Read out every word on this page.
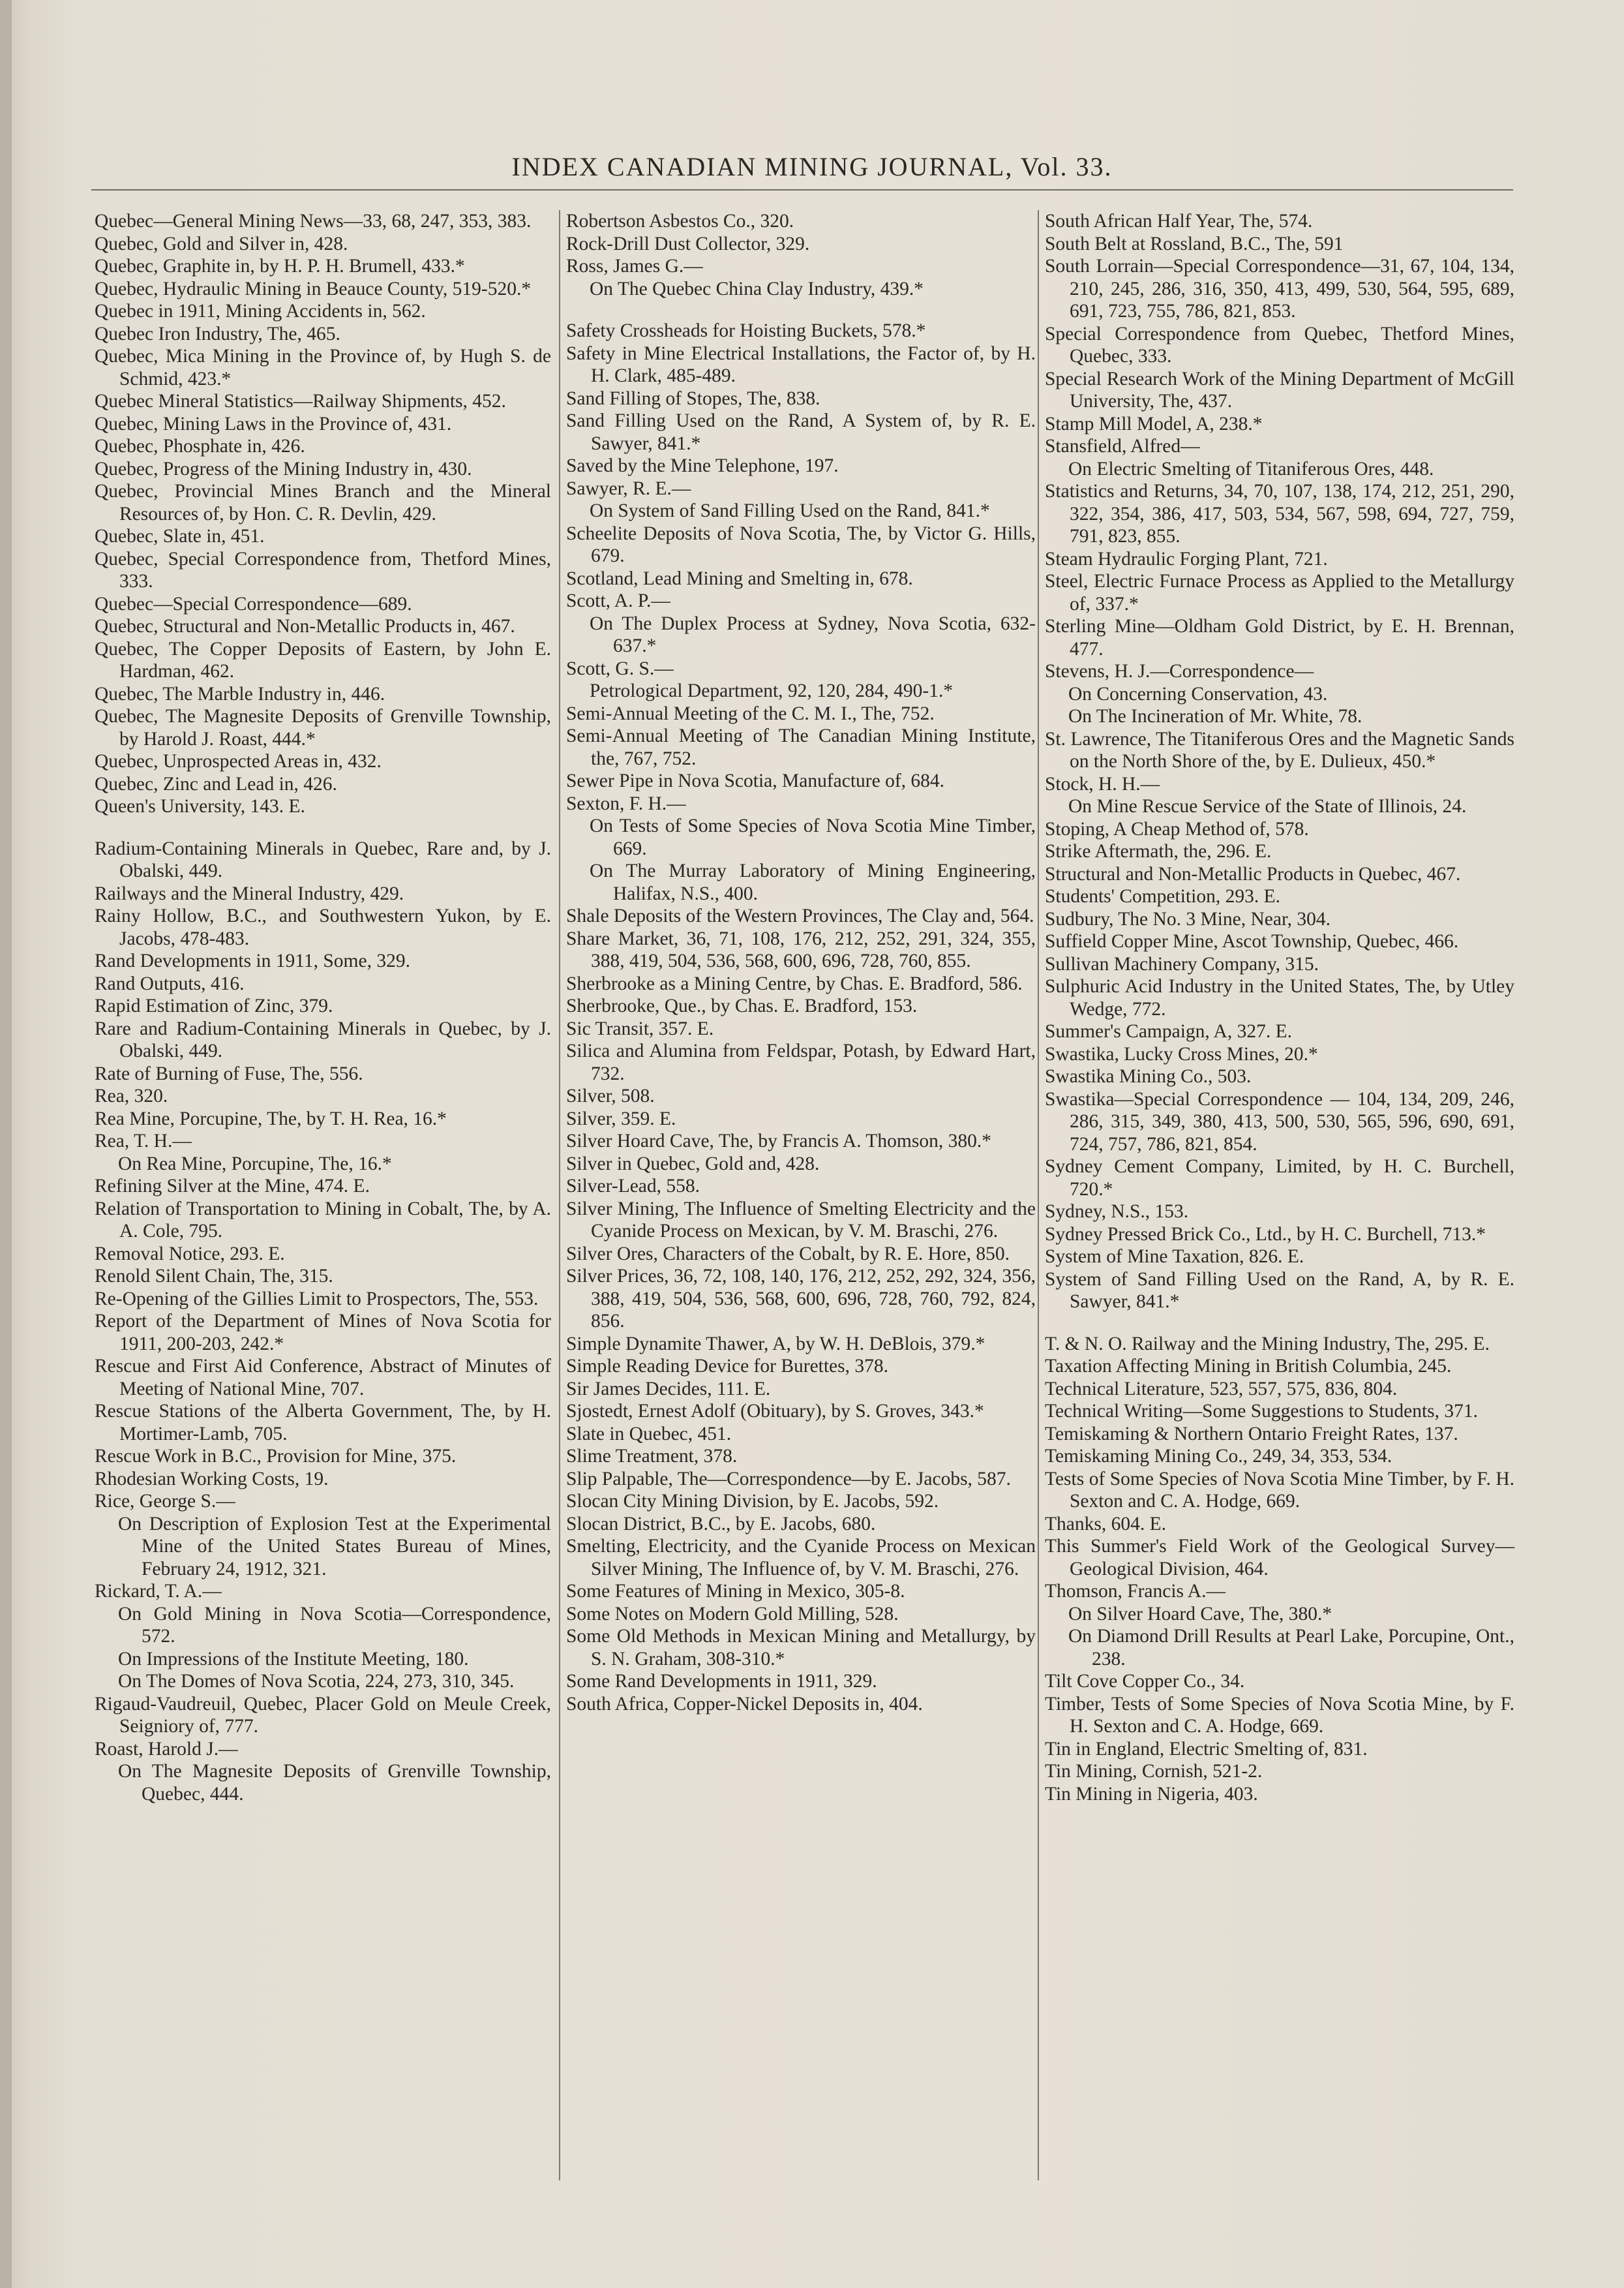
INDEX CANADIAN MINING JOURNAL, Vol. 33.

Quebec—General Mining News—33, 68, 247, 353, 383.

Quebec, Gold and Silver in, 428.

Quebec, Graphite in, by H. P. H. Brumell, 433.*

Quebec, Hydraulic Mining in Beauce County, 519-520.*

Quebec in 1911, Mining Accidents in, 562.

Quebec Iron Industry, The, 465.

Quebec, Mica Mining in the Province of, by Hugh S. de Schmid, 423.*

Quebec Mineral Statistics—Railway Shipments, 452.

Quebec, Mining Laws in the Province of, 431.

Quebec, Phosphate in, 426.

Quebec, Progress of the Mining Industry in, 430.

Quebec, Provincial Mines Branch and the Mineral Resources of, by Hon. C. R. Devlin, 429.

Quebec, Slate in, 451.

Quebec, Special Correspondence from, Thetford Mines, 333.

Quebec—Special Correspondence—689.

Quebec, Structural and Non-Metallic Products in, 467.

Quebec, The Copper Deposits of Eastern, by John E. Hardman, 462.

Quebec, The Marble Industry in, 446.

Quebec, The Magnesite Deposits of Grenville Township, by Harold J. Roast, 444.*

Quebec, Unprospected Areas in, 432.

Quebec, Zinc and Lead in, 426.

Queen's University, 143. E.

Radium-Containing Minerals in Quebec, Rare and, by J. Obalski, 449.

Railways and the Mineral Industry, 429.

Rainy Hollow, B.C., and Southwestern Yukon, by E. Jacobs, 478-483.

Rand Developments in 1911, Some, 329.

Rand Outputs, 416.

Rapid Estimation of Zinc, 379.

Rare and Radium-Containing Minerals in Quebec, by J. Obalski, 449.

Rate of Burning of Fuse, The, 556.

Rea, 320.

Rea Mine, Porcupine, The, by T. H. Rea, 16.*

Rea, T. H.—

On Rea Mine, Porcupine, The, 16.*

Refining Silver at the Mine, 474. E.

Relation of Transportation to Mining in Cobalt, The, by A. A. Cole, 795.

Removal Notice, 293. E.

Renold Silent Chain, The, 315.

Re-Opening of the Gillies Limit to Prospectors, The, 553.

Report of the Department of Mines of Nova Scotia for 1911, 200-203, 242.*

Rescue and First Aid Conference, Abstract of Minutes of Meeting of National Mine, 707.

Rescue Stations of the Alberta Government, The, by H. Mortimer-Lamb, 705.

Rescue Work in B.C., Provision for Mine, 375.

Rhodesian Working Costs, 19.

Rice, George S.—

On Description of Explosion Test at the Experimental Mine of the United States Bureau of Mines, February 24, 1912, 321.

Rickard, T. A.—

On Gold Mining in Nova Scotia—Correspondence, 572.

On Impressions of the Institute Meeting, 180.

On The Domes of Nova Scotia, 224, 273, 310, 345.

Rigaud-Vaudreuil, Quebec, Placer Gold on Meule Creek, Seigniory of, 777.

Roast, Harold J.—

On The Magnesite Deposits of Grenville Township, Quebec, 444.

Robertson Asbestos Co., 320.

Rock-Drill Dust Collector, 329.

Ross, James G.—

On The Quebec China Clay Industry, 439.*

Safety Crossheads for Hoisting Buckets, 578.*

Safety in Mine Electrical Installations, the Factor of, by H. H. Clark, 485-489.

Sand Filling of Stopes, The, 838.

Sand Filling Used on the Rand, A System of, by R. E. Sawyer, 841.*

Saved by the Mine Telephone, 197.

Sawyer, R. E.—

On System of Sand Filling Used on the Rand, 841.*

Scheelite Deposits of Nova Scotia, The, by Victor G. Hills, 679.

Scotland, Lead Mining and Smelting in, 678.

Scott, A. P.—

On The Duplex Process at Sydney, Nova Scotia, 632-637.*

Scott, G. S.—

Petrological Department, 92, 120, 284, 490-1.*

Semi-Annual Meeting of the C. M. I., The, 752.

Semi-Annual Meeting of The Canadian Mining Institute, the, 767, 752.

Sewer Pipe in Nova Scotia, Manufacture of, 684.

Sexton, F. H.—

On Tests of Some Species of Nova Scotia Mine Timber, 669.

On The Murray Laboratory of Mining Engineering, Halifax, N.S., 400.

Shale Deposits of the Western Provinces, The Clay and, 564.

Share Market, 36, 71, 108, 176, 212, 252, 291, 324, 355, 388, 419, 504, 536, 568, 600, 696, 728, 760, 855.

Sherbrooke as a Mining Centre, by Chas. E. Bradford, 586.

Sherbrooke, Que., by Chas. E. Bradford, 153.

Sic Transit, 357. E.

Silica and Alumina from Feldspar, Potash, by Edward Hart, 732.

Silver, 508.

Silver, 359. E.

Silver Hoard Cave, The, by Francis A. Thomson, 380.*

Silver in Quebec, Gold and, 428.

Silver-Lead, 558.

Silver Mining, The Influence of Smelting Electricity and the Cyanide Process on Mexican, by V. M. Braschi, 276.

Silver Ores, Characters of the Cobalt, by R. E. Hore, 850.

Silver Prices, 36, 72, 108, 140, 176, 212, 252, 292, 324, 356, 388, 419, 504, 536, 568, 600, 696, 728, 760, 792, 824, 856.

Simple Dynamite Thawer, A, by W. H. DeBlois, 379.*

Simple Reading Device for Burettes, 378.

Sir James Decides, 111. E.

Sjostedt, Ernest Adolf (Obituary), by S. Groves, 343.*

Slate in Quebec, 451.

Slime Treatment, 378.

Slip Palpable, The—Correspondence—by E. Jacobs, 587.

Slocan City Mining Division, by E. Jacobs, 592.

Slocan District, B.C., by E. Jacobs, 680.

Smelting, Electricity, and the Cyanide Process on Mexican Silver Mining, The Influence of, by V. M. Braschi, 276.

Some Features of Mining in Mexico, 305-8.

Some Notes on Modern Gold Milling, 528.

Some Old Methods in Mexican Mining and Metallurgy, by S. N. Graham, 308-310.*

Some Rand Developments in 1911, 329.

South Africa, Copper-Nickel Deposits in, 404.

South African Half Year, The, 574.

South Belt at Rossland, B.C., The, 591

South Lorrain—Special Correspondence—31, 67, 104, 134, 210, 245, 286, 316, 350, 413, 499, 530, 564, 595, 689, 691, 723, 755, 786, 821, 853.

Special Correspondence from Quebec, Thetford Mines, Quebec, 333.

Special Research Work of the Mining Department of McGill University, The, 437.

Stamp Mill Model, A, 238.*

Stansfield, Alfred—

On Electric Smelting of Titaniferous Ores, 448.

Statistics and Returns, 34, 70, 107, 138, 174, 212, 251, 290, 322, 354, 386, 417, 503, 534, 567, 598, 694, 727, 759, 791, 823, 855.

Steam Hydraulic Forging Plant, 721.

Steel, Electric Furnace Process as Applied to the Metallurgy of, 337.*

Sterling Mine—Oldham Gold District, by E. H. Brennan, 477.

Stevens, H. J.—Correspondence—

On Concerning Conservation, 43.

On The Incineration of Mr. White, 78.

St. Lawrence, The Titaniferous Ores and the Magnetic Sands on the North Shore of the, by E. Dulieux, 450.*

Stock, H. H.—

On Mine Rescue Service of the State of Illinois, 24.

Stoping, A Cheap Method of, 578.

Strike Aftermath, the, 296. E.

Structural and Non-Metallic Products in Quebec, 467.

Students' Competition, 293. E.

Sudbury, The No. 3 Mine, Near, 304.

Suffield Copper Mine, Ascot Township, Quebec, 466.

Sullivan Machinery Company, 315.

Sulphuric Acid Industry in the United States, The, by Utley Wedge, 772.

Summer's Campaign, A, 327. E.

Swastika, Lucky Cross Mines, 20.*

Swastika Mining Co., 503.

Swastika—Special Correspondence — 104, 134, 209, 246, 286, 315, 349, 380, 413, 500, 530, 565, 596, 690, 691, 724, 757, 786, 821, 854.

Sydney Cement Company, Limited, by H. C. Burchell, 720.*

Sydney, N.S., 153.

Sydney Pressed Brick Co., Ltd., by H. C. Burchell, 713.*

System of Mine Taxation, 826. E.

System of Sand Filling Used on the Rand, A, by R. E. Sawyer, 841.*

T. & N. O. Railway and the Mining Industry, The, 295. E.

Taxation Affecting Mining in British Columbia, 245.

Technical Literature, 523, 557, 575, 836, 804.

Technical Writing—Some Suggestions to Students, 371.

Temiskaming & Northern Ontario Freight Rates, 137.

Temiskaming Mining Co., 249, 34, 353, 534.

Tests of Some Species of Nova Scotia Mine Timber, by F. H. Sexton and C. A. Hodge, 669.

Thanks, 604. E.

This Summer's Field Work of the Geological Survey—Geological Division, 464.

Thomson, Francis A.—

On Silver Hoard Cave, The, 380.*

On Diamond Drill Results at Pearl Lake, Porcupine, Ont., 238.

Tilt Cove Copper Co., 34.

Timber, Tests of Some Species of Nova Scotia Mine, by F. H. Sexton and C. A. Hodge, 669.

Tin in England, Electric Smelting of, 831.

Tin Mining, Cornish, 521-2.

Tin Mining in Nigeria, 403.
